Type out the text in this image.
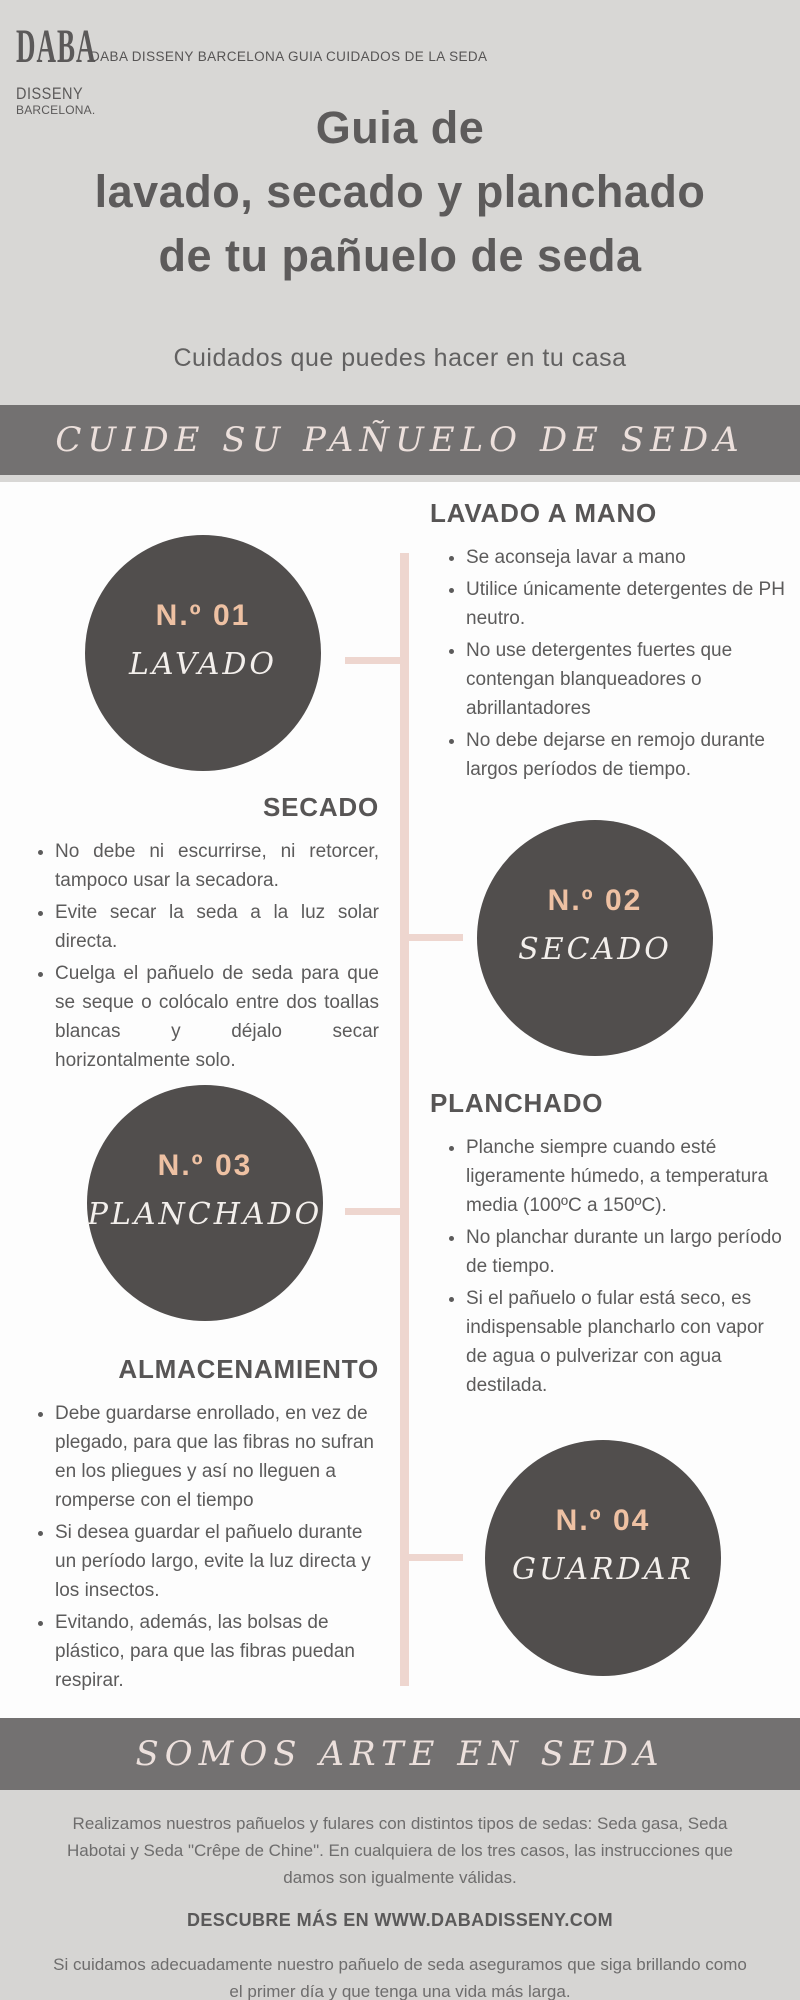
DABA
DISSENY
BARCELONA.
DABA DISSENY BARCELONA GUIA CUIDADOS DE LA SEDA
Guia de
lavado, secado y planchado
de tu pañuelo de seda
Cuidados que puedes hacer en tu casa
CUIDE SU PAÑUELO DE SEDA
N.º 01
LAVADO
N.º 02
SECADO
N.º 03
PLANCHADO
N.º 04
GUARDAR
LAVADO A MANO
• Se aconseja lavar a mano
• Utilice únicamente detergentes de PH neutro.
• No use detergentes fuertes que contengan blanqueadores o abrillantadores
• No debe dejarse en remojo durante largos períodos de tiempo.
SECADO
• No debe ni escurrirse, ni retorcer, tampoco usar la secadora.
• Evite secar la seda a la luz solar directa.
• Cuelga el pañuelo de seda para que se seque o colócalo entre dos toallas blancas y déjalo secar horizontalmente solo.
PLANCHADO
• Planche siempre cuando esté ligeramente húmedo, a temperatura media (100ºC a 150ºC).
• No planchar durante un largo período de tiempo.
• Si el pañuelo o fular está seco, es indispensable plancharlo con vapor de agua o pulverizar con agua destilada.
ALMACENAMIENTO
• Debe guardarse enrollado, en vez de plegado, para que las fibras no sufran en los pliegues y así no lleguen a romperse con el tiempo
• Si desea guardar el pañuelo durante un período largo, evite la luz directa y los insectos.
• Evitando, además, las bolsas de plástico, para que las fibras puedan respirar.
SOMOS ARTE EN SEDA

Realizamos nuestros pañuelos y fulares con distintos tipos de sedas: Seda gasa, Seda Habotai y Seda "Crêpe de Chine". En cualquiera de los tres casos, las instrucciones que damos son igualmente válidas.

DESCUBRE MÁS EN WWW.DABADISSENY.COM

Si cuidamos adecuadamente nuestro pañuelo de seda aseguramos que siga brillando como el primer día y que tenga una vida más larga.
